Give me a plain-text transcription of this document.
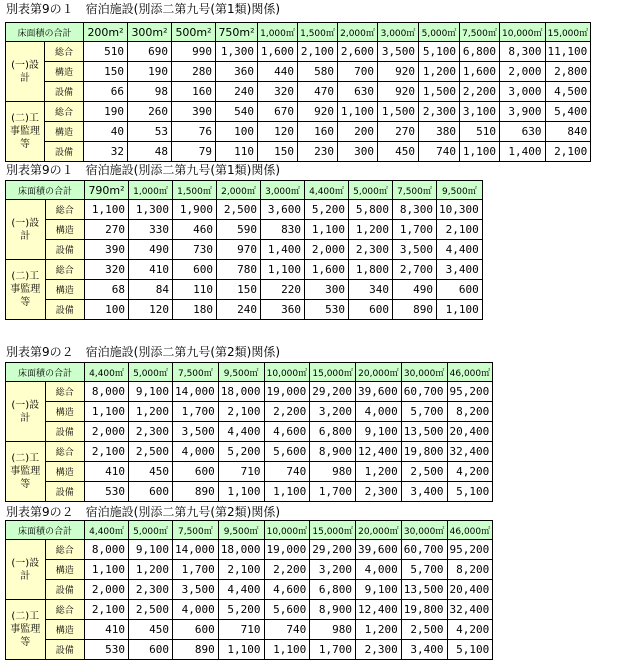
別表第9の１　宿泊施設(別添二第九号(第1類)関係)
床面積の合計		200m²	300m²	500m²	750m²	1,000㎡	1,500㎡	2,000㎡	3,000㎡	5,000㎡	7,500㎡	10,000㎡	15,000㎡
(一)設計	総合	510	690	990	1,300	1,600	2,100	2,600	3,500	5,100	6,800	8,300	11,100
	構造	150	190	280	360	440	580	700	920	1,200	1,600	2,000	2,800
	設備	66	98	160	240	320	470	630	920	1,500	2,200	3,000	4,500
(二)工事監理等	総合	190	260	390	540	670	920	1,100	1,500	2,300	3,100	3,900	5,400
	構造	40	53	76	100	120	160	200	270	380	510	630	840
	設備	32	48	79	110	150	230	300	450	740	1,100	1,400	2,100
別表第9の１　宿泊施設(別添二第九号(第1類)関係)
床面積の合計		790m²	1,000㎡	1,500㎡	2,000㎡	3,000㎡	4,400㎡	5,000㎡	7,500㎡	9,500㎡
(一)設計	総合	1,100	1,300	1,900	2,500	3,600	5,200	5,800	8,300	10,300
	構造	270	330	460	590	830	1,100	1,200	1,700	2,100
	設備	390	490	730	970	1,400	2,000	2,300	3,500	4,400
(二)工事監理等	総合	320	410	600	780	1,100	1,600	1,800	2,700	3,400
	構造	68	84	110	150	220	300	340	490	600
	設備	100	120	180	240	360	530	600	890	1,100
別表第9の２　宿泊施設(別添二第九号(第2類)関係)
床面積の合計		4,400㎡	5,000㎡	7,500㎡	9,500㎡	10,000㎡	15,000㎡	20,000㎡	30,000㎡	46,000㎡
(一)設計	総合	8,000	9,100	14,000	18,000	19,000	29,200	39,600	60,700	95,200
	構造	1,100	1,200	1,700	2,100	2,200	3,200	4,000	5,700	8,200
	設備	2,000	2,300	3,500	4,400	4,600	6,800	9,100	13,500	20,400
(二)工事監理等	総合	2,100	2,500	4,000	5,200	5,600	8,900	12,400	19,800	32,400
	構造	410	450	600	710	740	980	1,200	2,500	4,200
	設備	530	600	890	1,100	1,100	1,700	2,300	3,400	5,100
別表第9の２　宿泊施設(別添二第九号(第2類)関係)
床面積の合計		4,400㎡	5,000㎡	7,500㎡	9,500㎡	10,000㎡	15,000㎡	20,000㎡	30,000㎡	46,000㎡
(一)設計	総合	8,000	9,100	14,000	18,000	19,000	29,200	39,600	60,700	95,200
	構造	1,100	1,200	1,700	2,100	2,200	3,200	4,000	5,700	8,200
	設備	2,000	2,300	3,500	4,400	4,600	6,800	9,100	13,500	20,400
(二)工事監理等	総合	2,100	2,500	4,000	5,200	5,600	8,900	12,400	19,800	32,400
	構造	410	450	600	710	740	980	1,200	2,500	4,200
	設備	530	600	890	1,100	1,100	1,700	2,300	3,400	5,100
